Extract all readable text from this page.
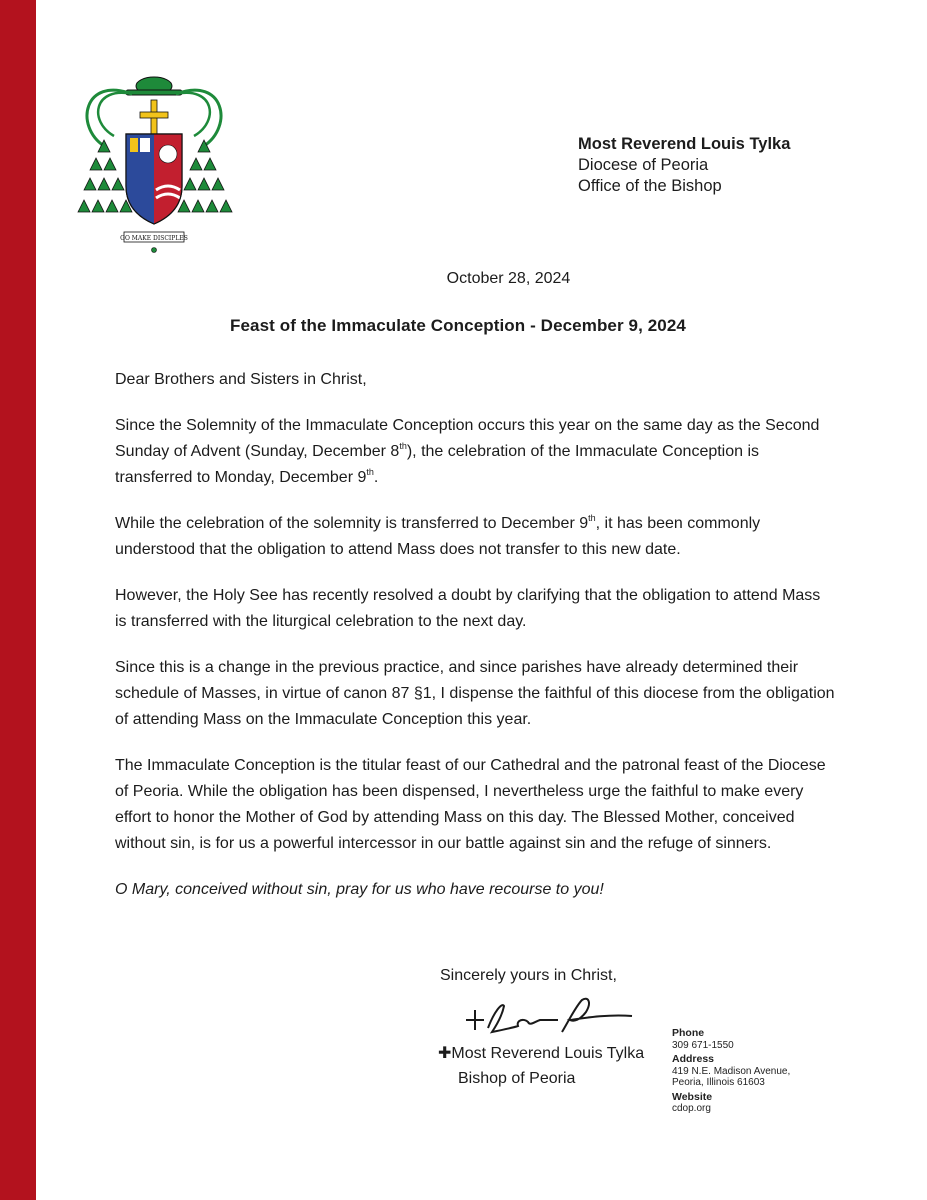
GO MAKE DISCIPLES
Most Reverend Louis Tylka
Diocese of Peoria
Office of the Bishop
October 28, 2024
Feast of the Immaculate Conception - December 9, 2024

Dear Brothers and Sisters in Christ,

Since the Solemnity of the Immaculate Conception occurs this year on the same day as the Second Sunday of Advent (Sunday, December 8th), the celebration of the Immaculate Conception is transferred to Monday, December 9th.

While the celebration of the solemnity is transferred to December 9th, it has been commonly understood that the obligation to attend Mass does not transfer to this new date.

However, the Holy See has recently resolved a doubt by clarifying that the obligation to attend Mass is transferred with the liturgical celebration to the next day.

Since this is a change in the previous practice, and since parishes have already determined their schedule of Masses, in virtue of canon 87 §1, I dispense the faithful of this diocese from the obligation of attending Mass on the Immaculate Conception this year.

The Immaculate Conception is the titular feast of our Cathedral and the patronal feast of the Diocese of Peoria. While the obligation has been dispensed, I nevertheless urge the faithful to make every effort to honor the Mother of God by attending Mass on this day. The Blessed Mother, conceived without sin, is for us a powerful intercessor in our battle against sin and the refuge of sinners.

O Mary, conceived without sin, pray for us who have recourse to you!

Sincerely yours in Christ,
✚Most Reverend Louis Tylka
Bishop of Peoria
Phone
309 671-1550
Address
419 N.E. Madison Avenue,
Peoria, Illinois 61603
Website
cdop.org
